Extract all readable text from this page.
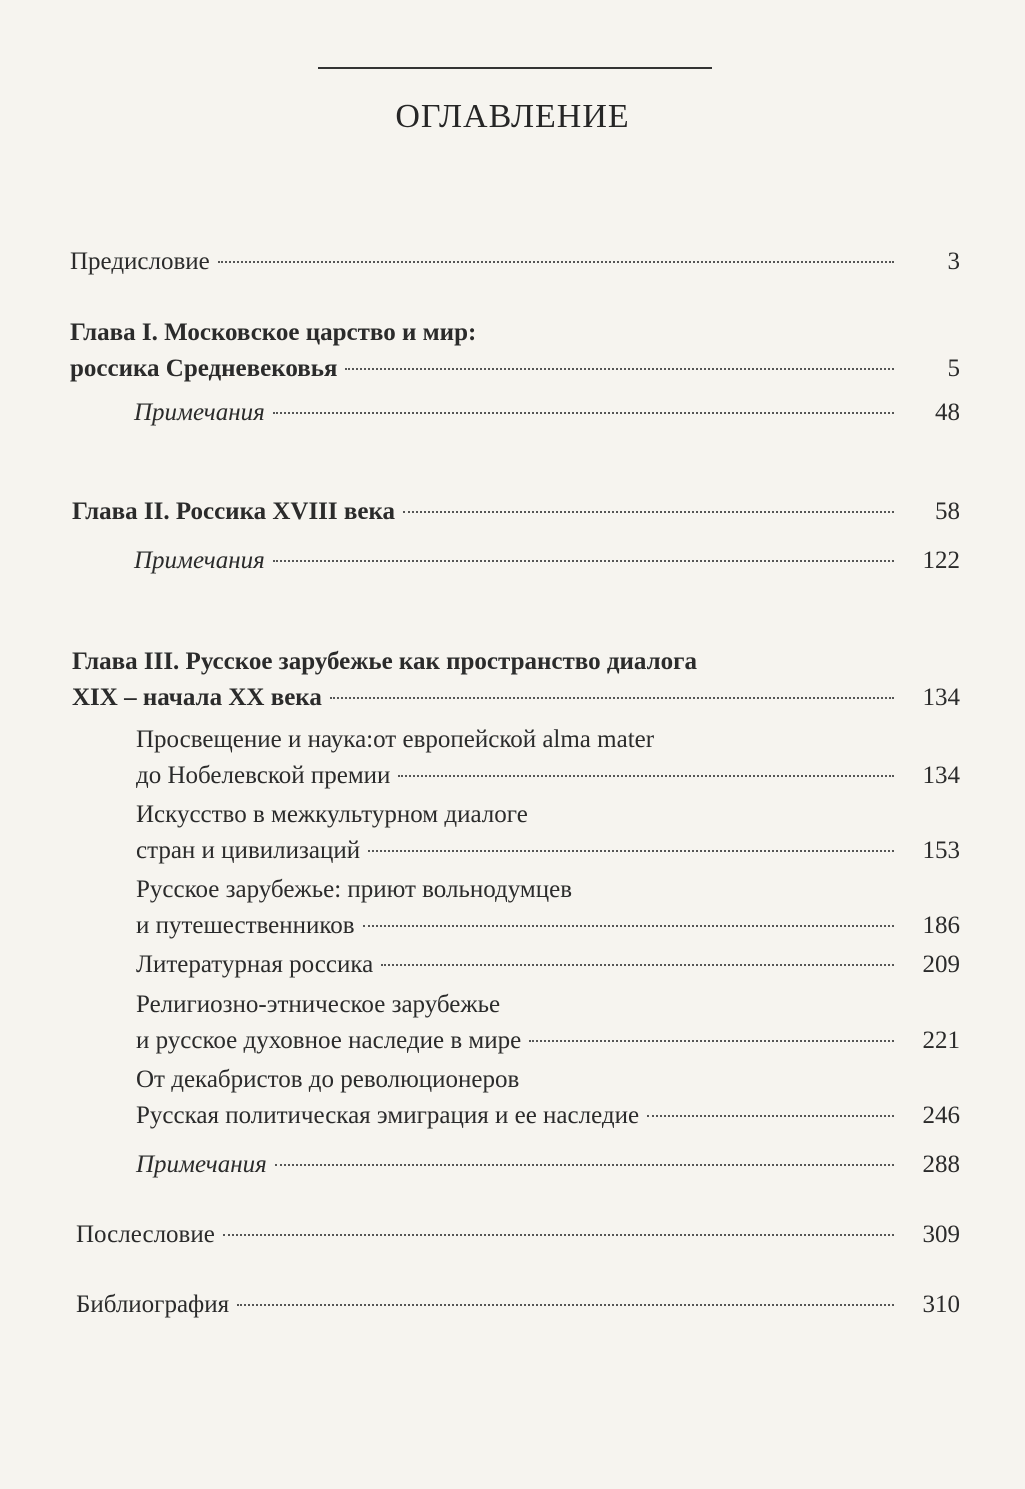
ОГЛАВЛЕНИЕ
Предисловие	3
Глава I. Московское царство и мир:
россика Средневековья	5
Примечания	48
Глава II. Россика XVIII века	58
Примечания	122
Глава III. Русское зарубежье как пространство диалога
XIX – начала XX века	134
Просвещение и наука:от европейской alma mater
до Нобелевской премии	134
Искусство в межкультурном диалоге
стран и цивилизаций	153
Русское зарубежье: приют вольнодумцев
и путешественников	186
Литературная россика	209
Религиозно-этническое зарубежье
и русское духовное наследие в мире	221
От декабристов до революционеров
Русская политическая эмиграция и ее наследие	246
Примечания	288
Послесловие	309
Библиография	310
